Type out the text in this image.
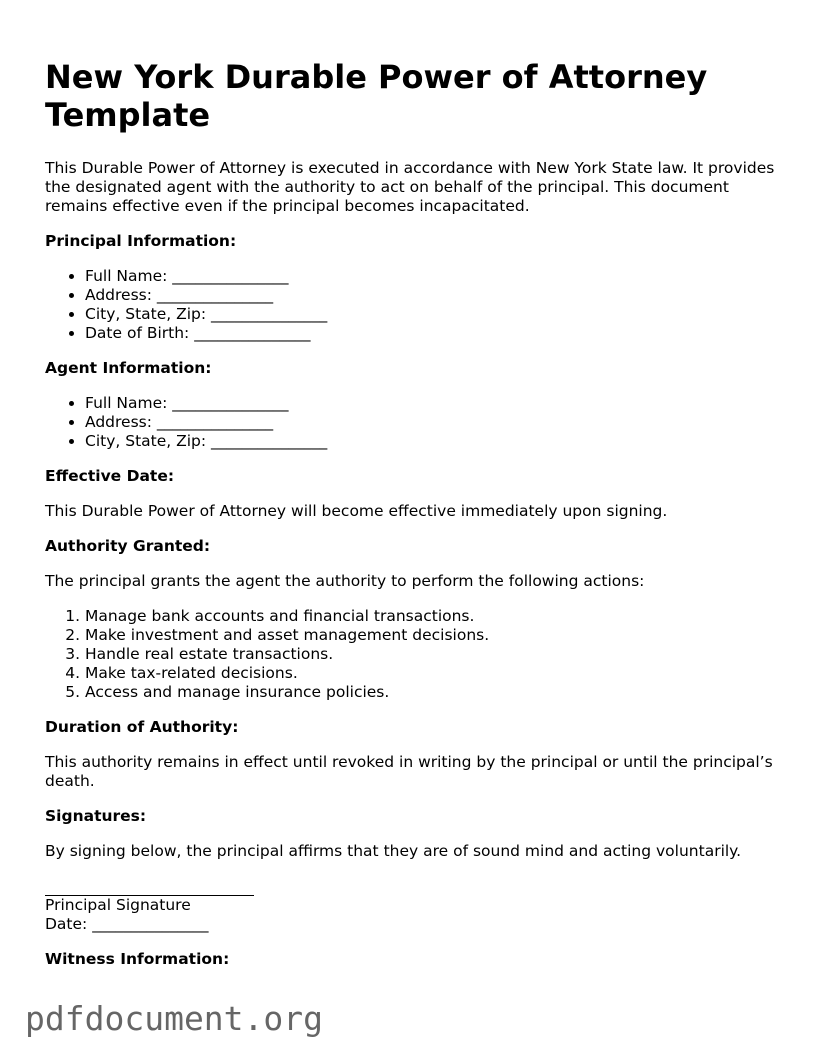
New York Durable Power of Attorney Template

This Durable Power of Attorney is executed in accordance with New York State law. It provides the designated agent with the authority to act on behalf of the principal. This document remains effective even if the principal becomes incapacitated.

Principal Information:
• Full Name: _______________
• Address: _______________
• City, State, Zip: _______________
• Date of Birth: _______________
Agent Information:
• Full Name: _______________
• Address: _______________
• City, State, Zip: _______________
Effective Date:

This Durable Power of Attorney will become effective immediately upon signing.

Authority Granted:

The principal grants the agent the authority to perform the following actions:

1. Manage bank accounts and financial transactions.
2. Make investment and asset management decisions.
3. Handle real estate transactions.
4. Make tax-related decisions.
5. Access and manage insurance policies.
Duration of Authority:

This authority remains in effect until revoked in writing by the principal or until the principal’s death.

Signatures:

By signing below, the principal affirms that they are of sound mind and acting voluntarily.

Principal Signature
Date: _______________
Witness Information:
pdfdocument.org
